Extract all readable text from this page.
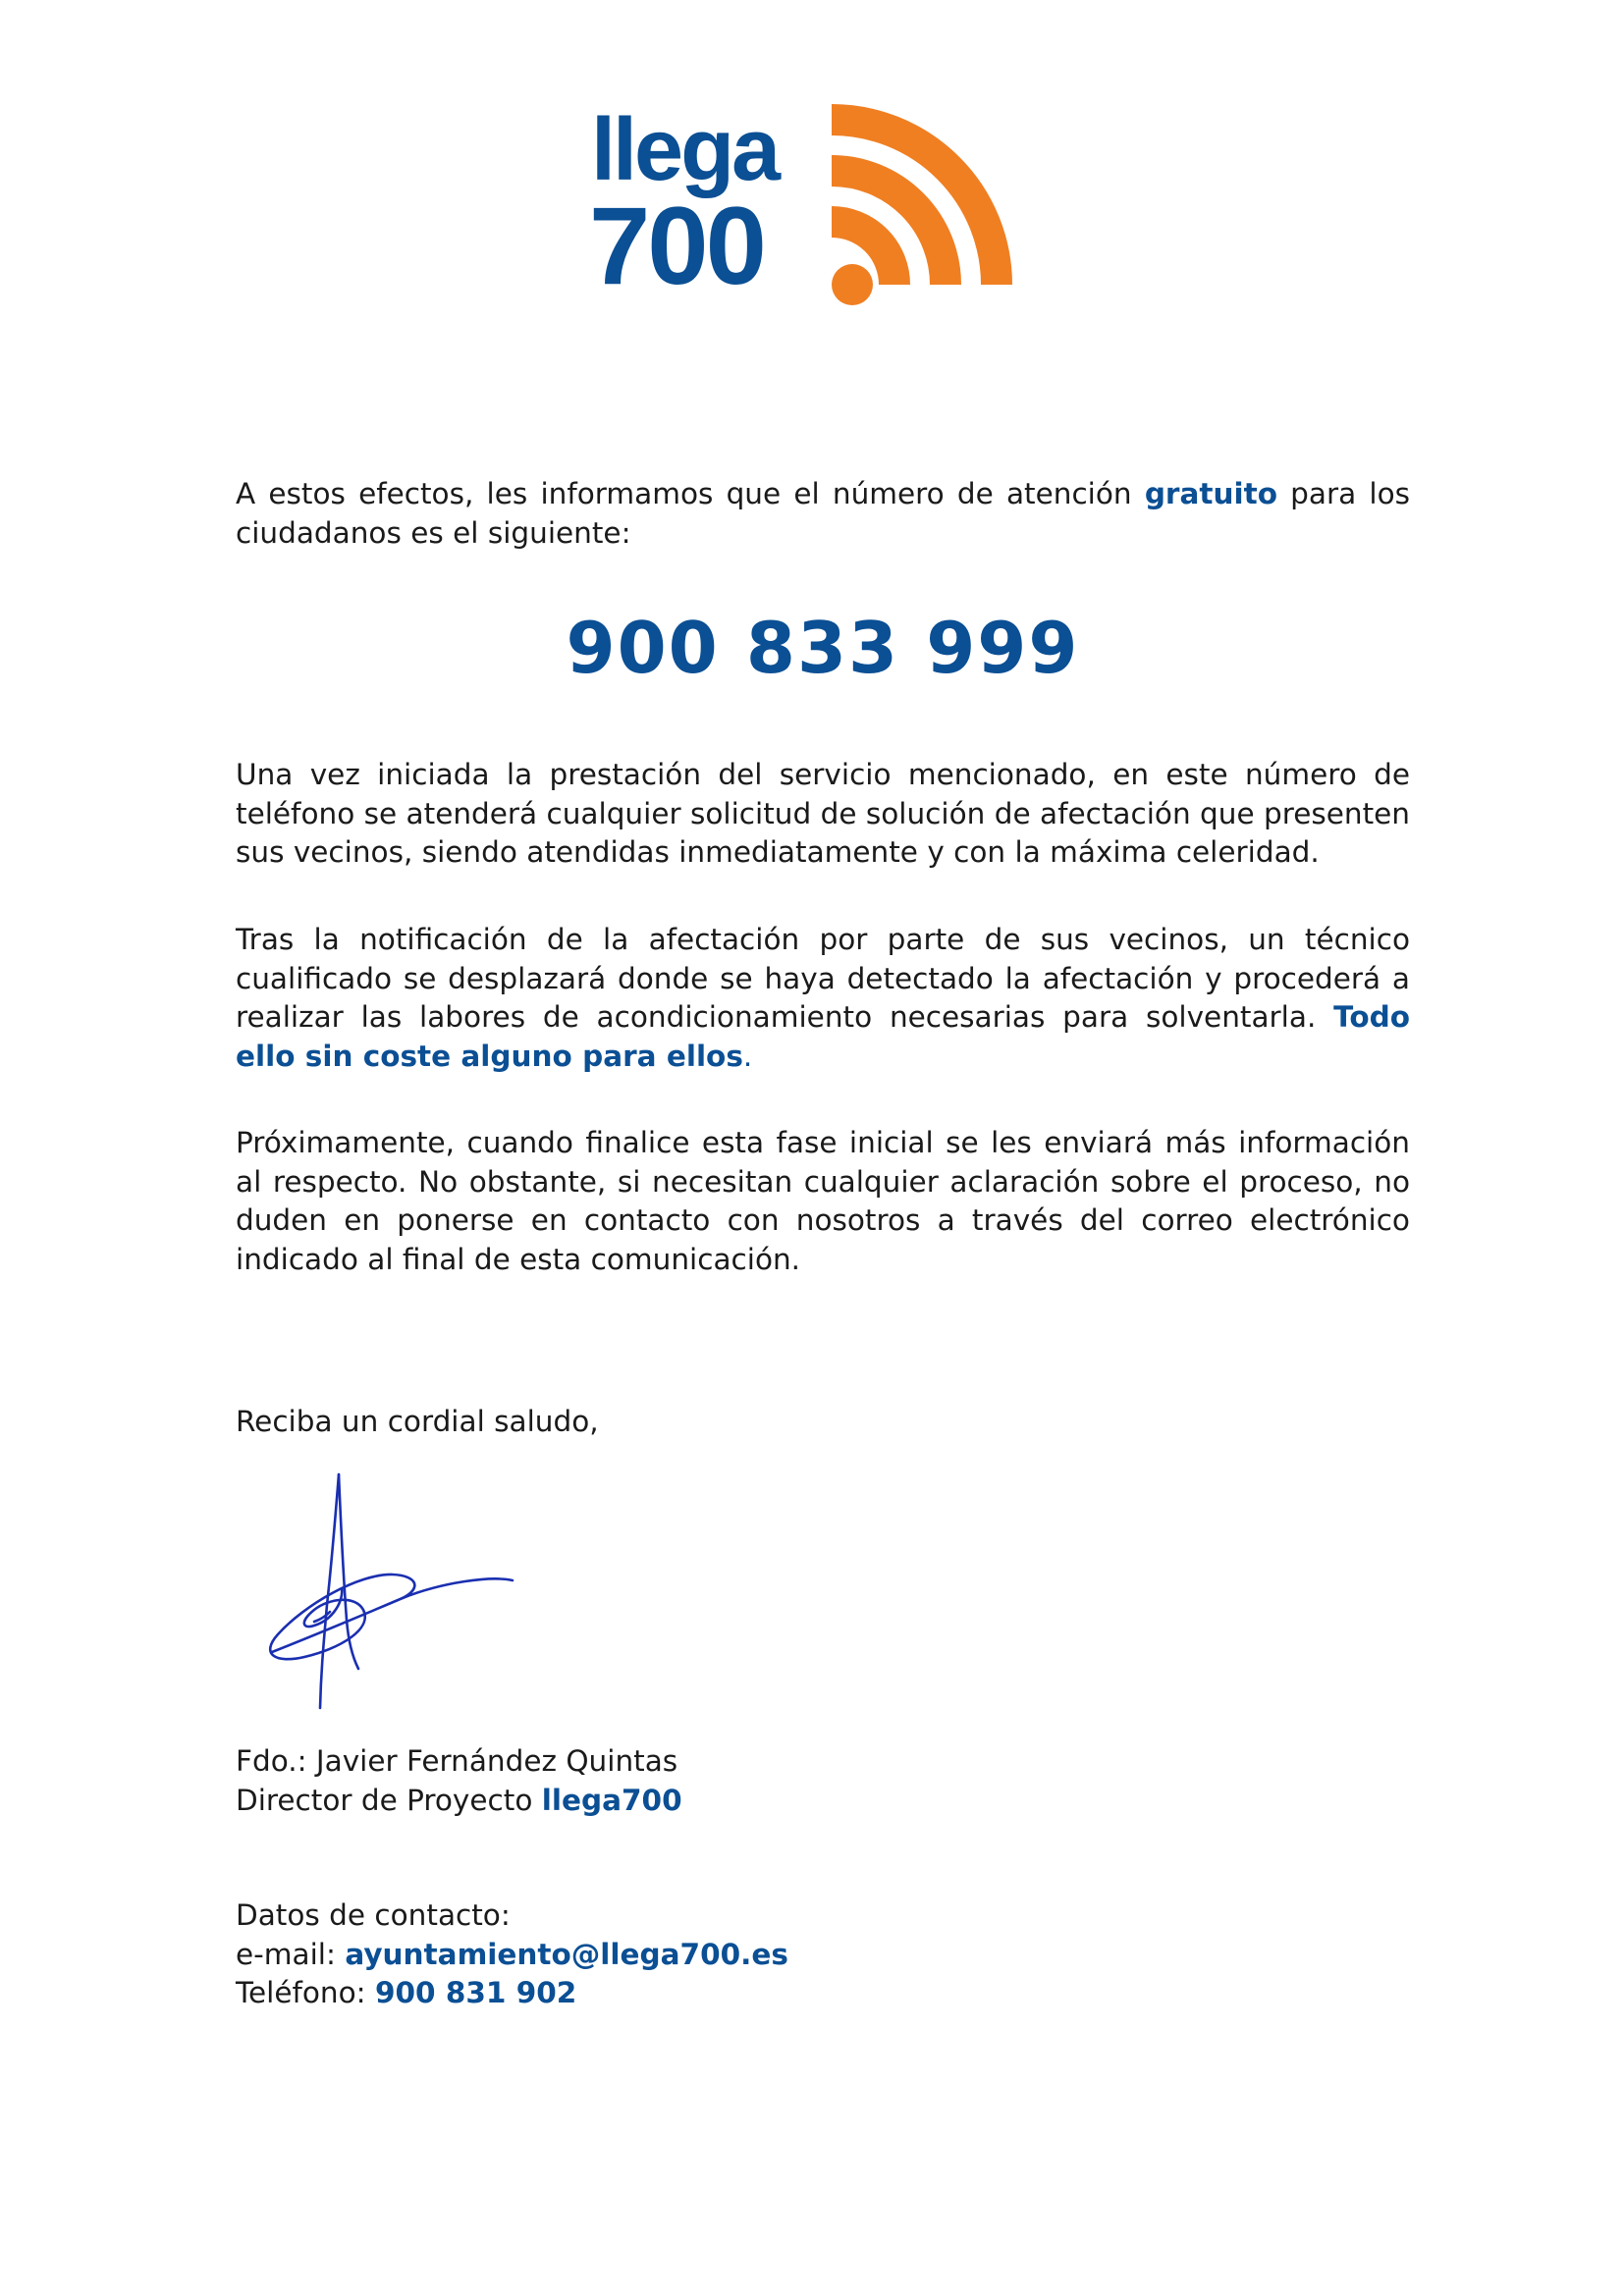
llega
700
A estos efectos, les informamos que el número de atención gratuito para los ciudadanos es el siguiente:
900 833 999
Una vez iniciada la prestación del servicio mencionado, en este número de teléfono se atenderá cualquier solicitud de solución de afectación que presenten sus vecinos, siendo atendidas inmediatamente y con la máxima celeridad.
Tras la notificación de la afectación por parte de sus vecinos, un técnico cualificado se desplazará donde se haya detectado la afectación y procederá a realizar las labores de acondicionamiento necesarias para solventarla. Todo ello sin coste alguno para ellos.
Próximamente, cuando finalice esta fase inicial se les enviará más información al respecto. No obstante, si necesitan cualquier aclaración sobre el proceso, no duden en ponerse en contacto con nosotros a través del correo electrónico indicado al final de esta comunicación.
Reciba un cordial saludo,
Fdo.: Javier Fernández Quintas
Director de Proyecto llega700
Datos de contacto:
e-mail: ayuntamiento@llega700.es
Teléfono: 900 831 902
